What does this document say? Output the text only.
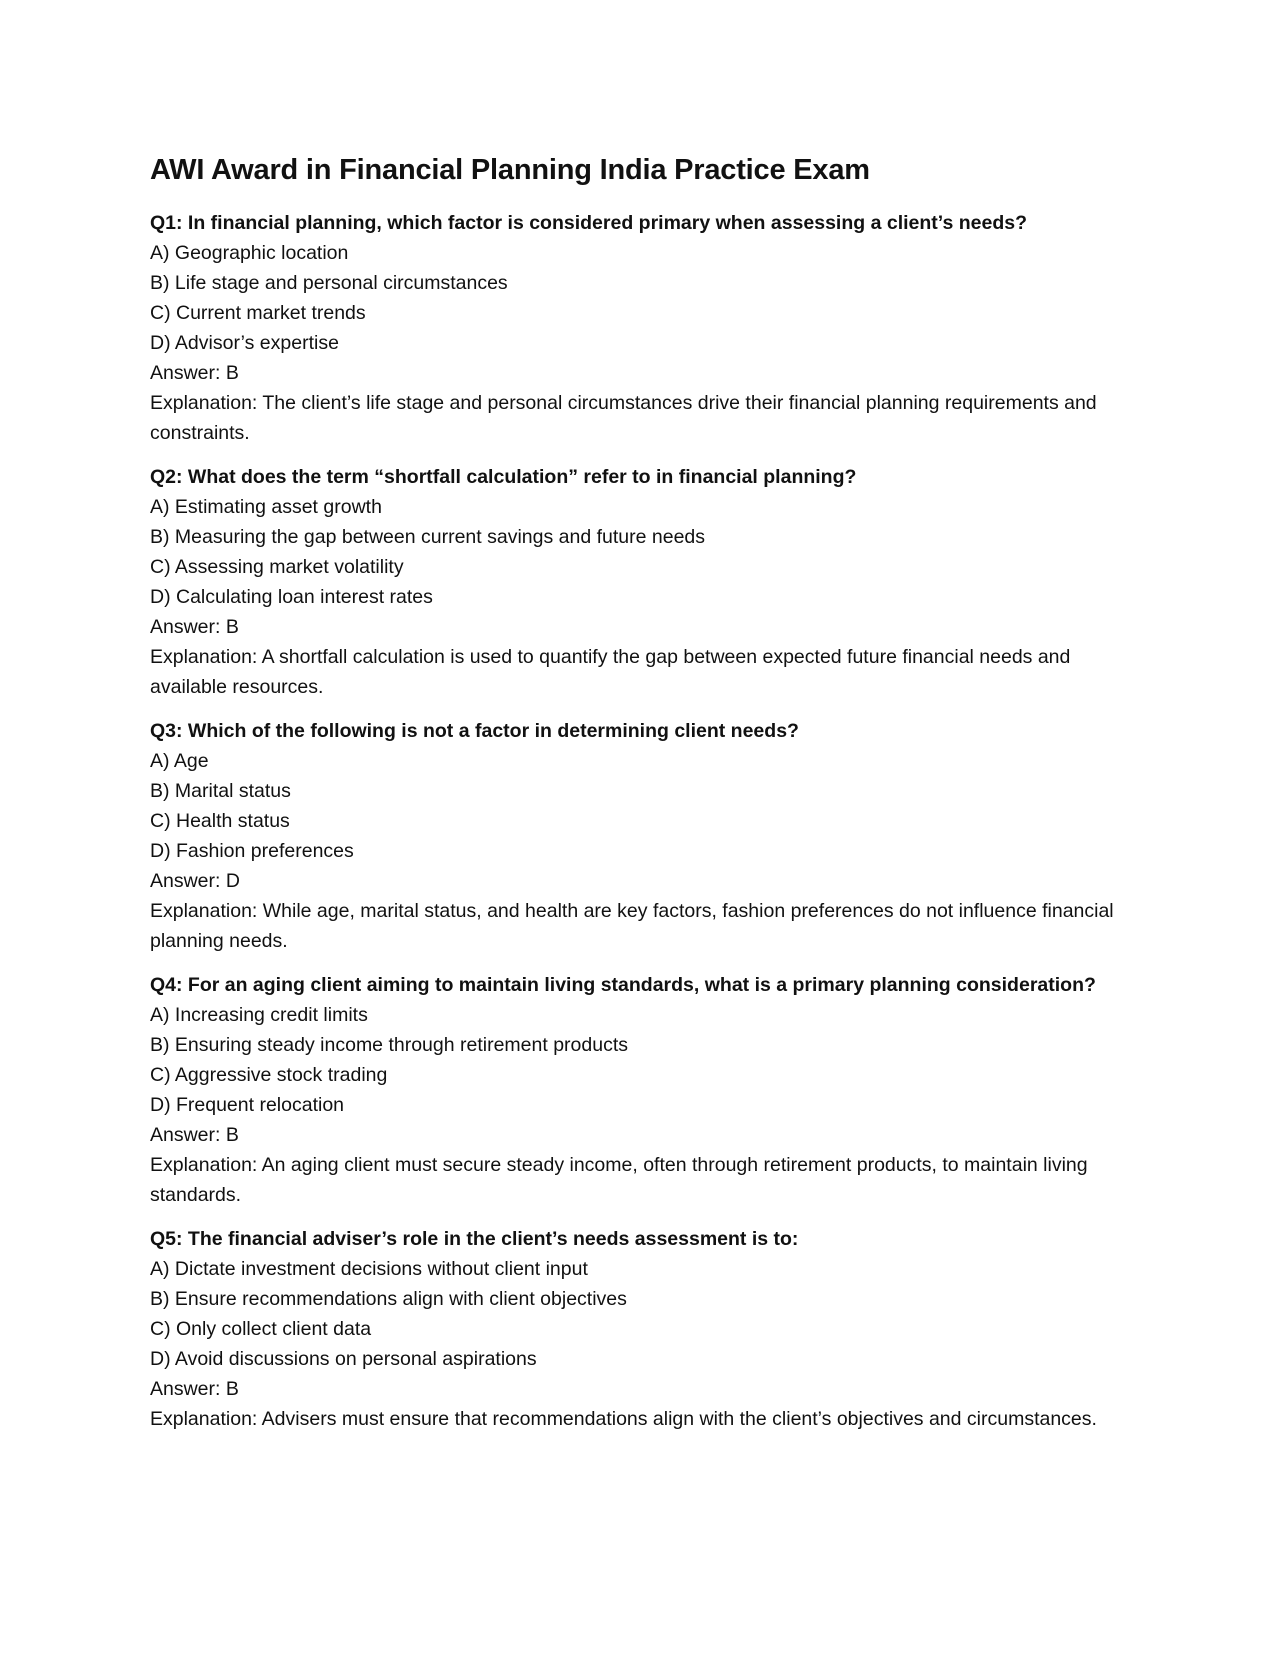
AWI Award in Financial Planning India Practice Exam

Q1: In financial planning, which factor is considered primary when assessing a client’s needs?

A) Geographic location

B) Life stage and personal circumstances

C) Current market trends

D) Advisor’s expertise

Answer: B

Explanation: The client’s life stage and personal circumstances drive their financial planning requirements and constraints.

Q2: What does the term “shortfall calculation” refer to in financial planning?

A) Estimating asset growth

B) Measuring the gap between current savings and future needs

C) Assessing market volatility

D) Calculating loan interest rates

Answer: B

Explanation: A shortfall calculation is used to quantify the gap between expected future financial needs and available resources.

Q3: Which of the following is not a factor in determining client needs?

A) Age

B) Marital status

C) Health status

D) Fashion preferences

Answer: D

Explanation: While age, marital status, and health are key factors, fashion preferences do not influence financial planning needs.

Q4: For an aging client aiming to maintain living standards, what is a primary planning consideration?

A) Increasing credit limits

B) Ensuring steady income through retirement products

C) Aggressive stock trading

D) Frequent relocation

Answer: B

Explanation: An aging client must secure steady income, often through retirement products, to maintain living standards.

Q5: The financial adviser’s role in the client’s needs assessment is to:

A) Dictate investment decisions without client input

B) Ensure recommendations align with client objectives

C) Only collect client data

D) Avoid discussions on personal aspirations

Answer: B

Explanation: Advisers must ensure that recommendations align with the client’s objectives and circumstances.
